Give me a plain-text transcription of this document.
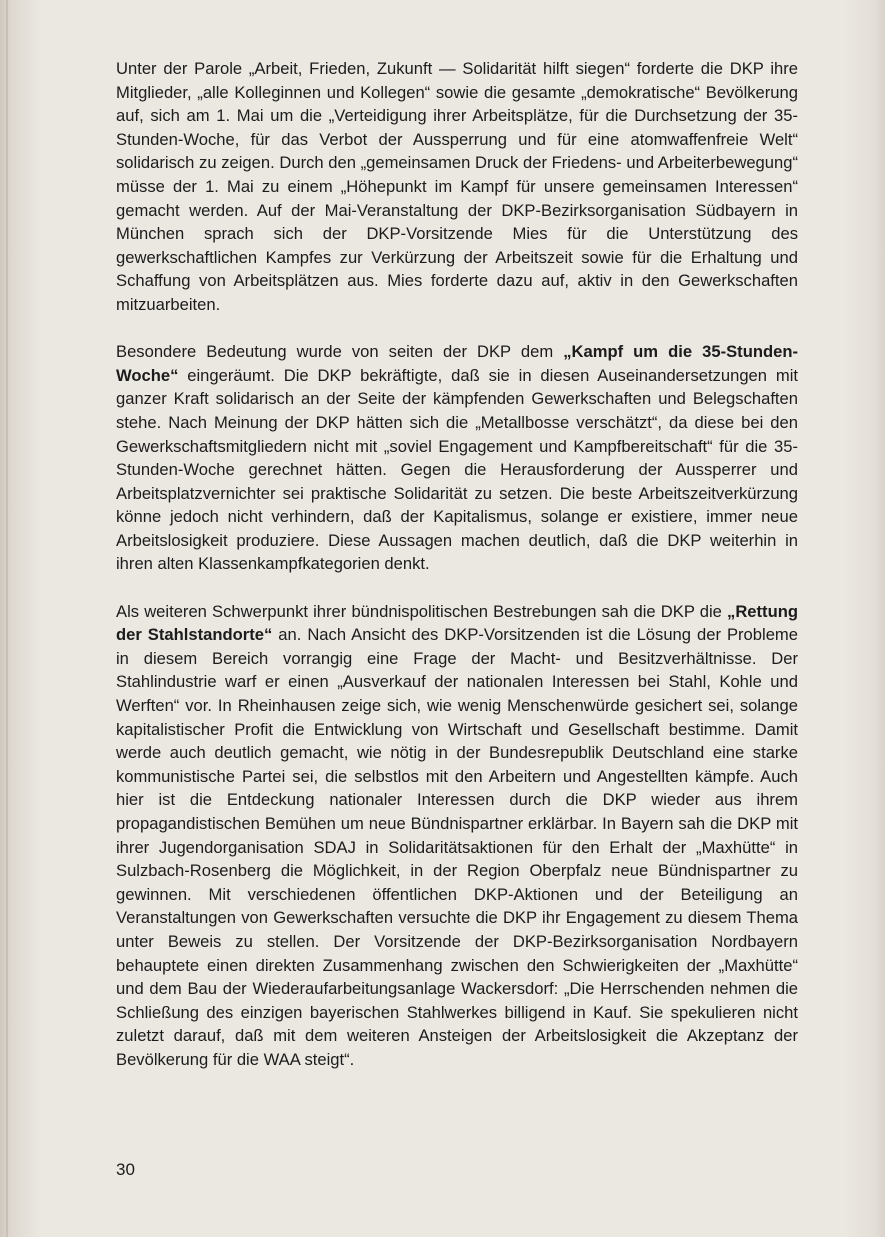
Unter der Parole „Arbeit, Frieden, Zukunft — Solidarität hilft siegen“ forderte die DKP ihre Mitglieder, „alle Kolleginnen und Kollegen“ sowie die gesamte „demokratische“ Bevölkerung auf, sich am 1. Mai um die „Verteidigung ihrer Arbeitsplätze, für die Durchsetzung der 35-Stunden-Woche, für das Verbot der Aussperrung und für eine atomwaffenfreie Welt“ solidarisch zu zeigen. Durch den „gemeinsamen Druck der Friedens- und Arbeiterbewegung“ müsse der 1. Mai zu einem „Höhepunkt im Kampf für unsere gemeinsamen Interessen“ gemacht werden. Auf der Mai-Veranstaltung der DKP-Bezirksorganisation Südbayern in München sprach sich der DKP-Vorsitzende Mies für die Unterstützung des gewerkschaftlichen Kampfes zur Verkürzung der Arbeitszeit sowie für die Erhaltung und Schaffung von Arbeitsplätzen aus. Mies forderte dazu auf, aktiv in den Gewerkschaften mitzuarbeiten.

Besondere Bedeutung wurde von seiten der DKP dem „Kampf um die 35-Stunden-Woche“ eingeräumt. Die DKP bekräftigte, daß sie in diesen Auseinandersetzungen mit ganzer Kraft solidarisch an der Seite der kämpfenden Gewerkschaften und Belegschaften stehe. Nach Meinung der DKP hätten sich die „Metallbosse verschätzt“, da diese bei den Gewerkschaftsmitgliedern nicht mit „soviel Engagement und Kampfbereitschaft“ für die 35-Stunden-Woche gerechnet hätten. Gegen die Herausforderung der Aussperrer und Arbeitsplatzvernichter sei praktische Solidarität zu setzen. Die beste Arbeitszeitverkürzung könne jedoch nicht verhindern, daß der Kapitalismus, solange er existiere, immer neue Arbeitslosigkeit produziere. Diese Aussagen machen deutlich, daß die DKP weiterhin in ihren alten Klassenkampfkategorien denkt.

Als weiteren Schwerpunkt ihrer bündnispolitischen Bestrebungen sah die DKP die „Rettung der Stahlstandorte“ an. Nach Ansicht des DKP-Vorsitzenden ist die Lösung der Probleme in diesem Bereich vorrangig eine Frage der Macht- und Besitzverhältnisse. Der Stahlindustrie warf er einen „Ausverkauf der nationalen Interessen bei Stahl, Kohle und Werften“ vor. In Rheinhausen zeige sich, wie wenig Menschenwürde gesichert sei, solange kapitalistischer Profit die Entwicklung von Wirtschaft und Gesellschaft bestimme. Damit werde auch deutlich gemacht, wie nötig in der Bundesrepublik Deutschland eine starke kommunistische Partei sei, die selbstlos mit den Arbeitern und Angestellten kämpfe. Auch hier ist die Entdeckung nationaler Interessen durch die DKP wieder aus ihrem propagandistischen Bemühen um neue Bündnispartner erklärbar. In Bayern sah die DKP mit ihrer Jugendorganisation SDAJ in Solidaritätsaktionen für den Erhalt der „Maxhütte“ in Sulzbach-Rosenberg die Möglichkeit, in der Region Oberpfalz neue Bündnispartner zu gewinnen. Mit verschiedenen öffentlichen DKP-Aktionen und der Beteiligung an Veranstaltungen von Gewerkschaften versuchte die DKP ihr Engagement zu diesem Thema unter Beweis zu stellen. Der Vorsitzende der DKP-Bezirksorganisation Nordbayern behauptete einen direkten Zusammenhang zwischen den Schwierigkeiten der „Maxhütte“ und dem Bau der Wiederaufarbeitungsanlage Wackersdorf: „Die Herrschenden nehmen die Schließung des einzigen bayerischen Stahlwerkes billigend in Kauf. Sie spekulieren nicht zuletzt darauf, daß mit dem weiteren Ansteigen der Arbeitslosigkeit die Akzeptanz der Bevölkerung für die WAA steigt“.

30
